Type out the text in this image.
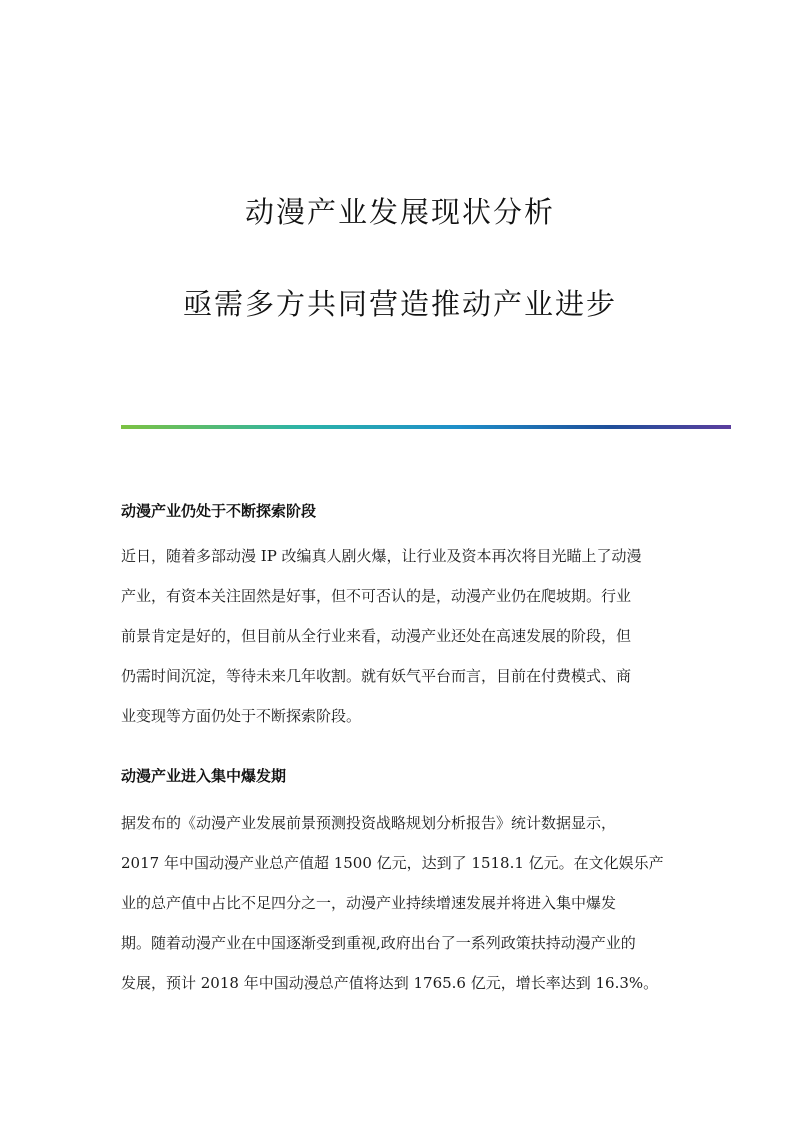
动漫产业发展现状分析
亟需多方共同营造推动产业进步
动漫产业仍处于不断探索阶段
近日，随着多部动漫 IP 改编真人剧火爆，让行业及资本再次将目光瞄上了动漫
产业，有资本关注固然是好事，但不可否认的是，动漫产业仍在爬坡期。行业
前景肯定是好的，但目前从全行业来看，动漫产业还处在高速发展的阶段，但
仍需时间沉淀，等待未来几年收割。就有妖气平台而言，目前在付费模式、商
业变现等方面仍处于不断探索阶段。
动漫产业进入集中爆发期
据发布的《动漫产业发展前景预测投资战略规划分析报告》统计数据显示，
2017 年中国动漫产业总产值超 1500 亿元，达到了 1518.1 亿元。在文化娱乐产
业的总产值中占比不足四分之一，动漫产业持续增速发展并将进入集中爆发
期。随着动漫产业在中国逐渐受到重视,政府出台了一系列政策扶持动漫产业的
发展，预计 2018 年中国动漫总产值将达到 1765.6 亿元，增长率达到 16.3%。
